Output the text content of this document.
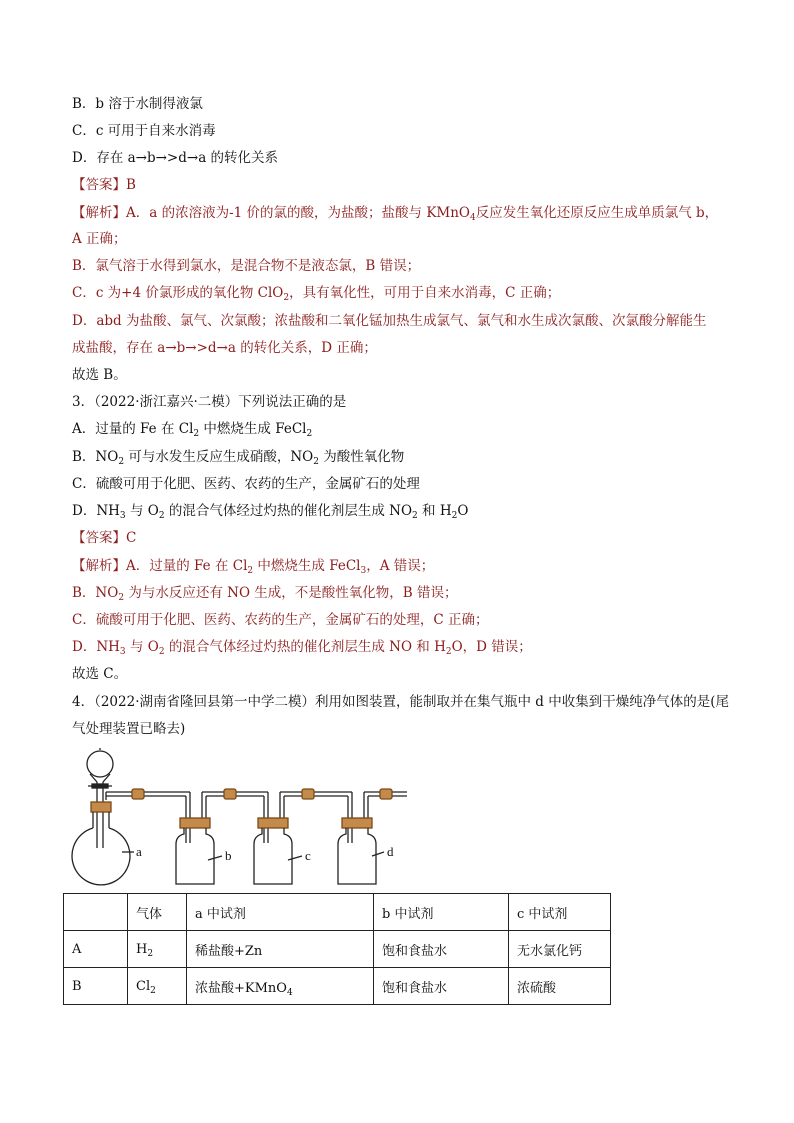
B．b 溶于水制得液氯
C．c 可用于自来水消毒
D．存在 a→b→>d→a 的转化关系
【答案】B
【解析】A．a 的浓溶液为-1 价的氯的酸，为盐酸；盐酸与 KMnO$_4$反应发生氧化还原反应生成单质氯气 b，
A 正确；
B．氯气溶于水得到氯水，是混合物不是液态氯，B 错误；
C．c 为+4 价氯形成的氧化物 ClO$_2$，具有氧化性，可用于自来水消毒，C 正确；
D．abd 为盐酸、氯气、次氯酸；浓盐酸和二氧化锰加热生成氯气、氯气和水生成次氯酸、次氯酸分解能生
成盐酸，存在 a→b→>d→a 的转化关系，D 正确；
故选 B。
3．（2022·浙江嘉兴·二模）下列说法正确的是
A．过量的 Fe 在 $Cl_2$ 中燃烧生成 FeCl$_2$
B．$NO_2$ 可与水发生反应生成硝酸，$NO_2$ 为酸性氧化物
C．硫酸可用于化肥、医药、农药的生产，金属矿石的处理
D．$NH_3$ 与 $O_2$ 的混合气体经过灼热的催化剂层生成 $NO_2$ 和 $H_2O$
【答案】C
【解析】A．过量的 Fe 在 $Cl_2$ 中燃烧生成 FeCl$_3$，A 错误；
B．$NO_2$ 为与水反应还有 NO 生成，不是酸性氧化物，B 错误；
C．硫酸可用于化肥、医药、农药的生产，金属矿石的处理，C 正确；
D．$NH_3$ 与 $O_2$ 的混合气体经过灼热的催化剂层生成 NO 和 $H_2O$，D 错误；
故选 C。
4．（2022·湖南省隆回县第一中学二模）利用如图装置，能制取并在集气瓶中 d 中收集到干燥纯净气体的是(尾
气处理装置已略去)
a	b	c	d
	气体	a 中试剂	b 中试剂	c 中试剂
A	$H_2$	稀盐酸+Zn	饱和食盐水	无水氯化钙
B	$Cl_2$	浓盐酸+KMnO$_4$	饱和食盐水	浓硫酸
